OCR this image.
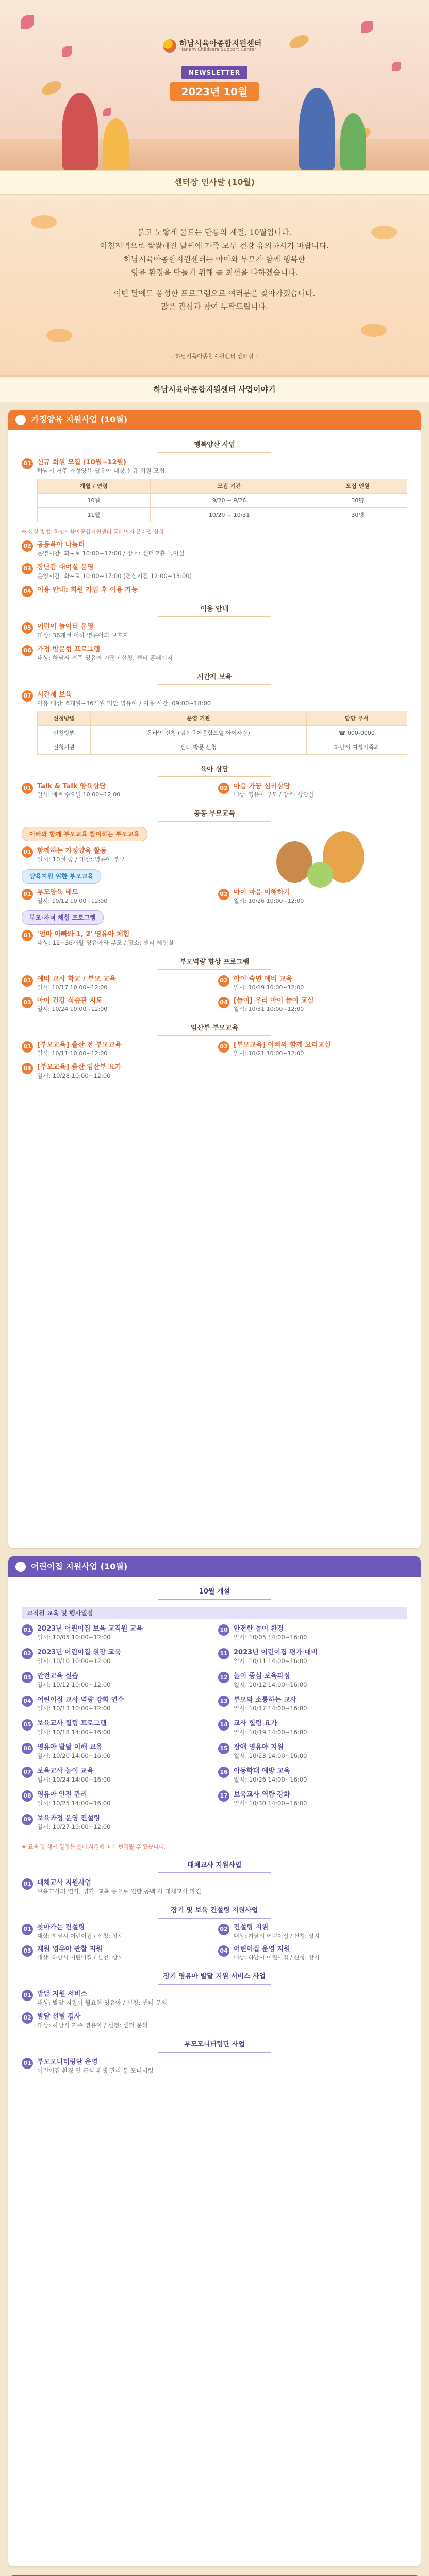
하남시육아종합지원센터
Hanam Childcare Support Center
NEWSLETTER
2023년 10월
센터장 인사말 (10월)
붉고 노랗게 물드는 단풍의 계절, 10월입니다.
아침저녁으로 쌀쌀해진 날씨에 가족 모두 건강 유의하시기 바랍니다.
하남시육아종합지원센터는 아이와 부모가 함께 행복한
양육 환경을 만들기 위해 늘 최선을 다하겠습니다.
이번 달에도 풍성한 프로그램으로 여러분을 찾아가겠습니다.
많은 관심과 참여 부탁드립니다.
- 하남시육아종합지원센터 센터장 -
하남시육아종합지원센터 사업이야기
가정양육 지원사업 (10월)
행복양산 사업
01 신규 회원 모집 (10월~12월)
하남시 거주 가정양육 영유아 대상 신규 회원 모집
개월 / 연령	모집 기간	모집 인원
10월	9/20 ~ 9/26	30명
11월	10/20 ~ 10/31	30명
※ 신청 방법: 하남시육아종합지원센터 홈페이지 온라인 신청
02 공동육아 나눔터
운영시간: 화~토 10:00~17:00 / 장소: 센터 2층 놀이실
03 장난감 대여실 운영
운영시간: 화~토 10:00~17:00 (점심시간 12:00~13:00)
04 이용 안내: 회원 가입 후 이용 가능
이용 안내
05 어린이 놀이터 운영
대상: 36개월 이하 영유아와 보호자
06 가정 방문형 프로그램
대상: 하남시 거주 영유아 가정 / 신청: 센터 홈페이지
시간제 보육
07 시간제 보육
이용 대상: 6개월~36개월 미만 영유아 / 이용 시간: 09:00~18:00
신청방법	운영 기관	담당 부서
신청방법	온라인 신청 (임신육아종합포털 아이사랑)	☎ 000-0000
신청기관	센터 방문 신청	하남시 여성가족과
육아 상담
01 Talk & Talk 양육상담
일시: 매주 수요일 10:00~12:00
02 마음 가꿈 심리상담
대상: 영유아 부모 / 장소: 상담실
공동 부모교육
아빠와 함께 부모교육 참여하는 부모교육
01 함께하는 가정양육 활동
일시: 10월 중 / 대상: 영유아 부모
양육지원 위한 부모교육
01 부모양육 태도
일시: 10/12 10:00~12:00
02 아이 마음 이해하기
일시: 10/26 10:00~12:00
부모·자녀 체험 프로그램
01 '엄마 아빠와 1, 2' 영유아 체험
대상: 12~36개월 영유아와 부모 / 장소: 센터 체험실
부모역량 향상 프로그램
01 예비 교사 학교 / 부모 교육
일시: 10/17 10:00~12:00
02 아이 숙면 예비 교육
일시: 10/19 10:00~12:00
03 아이 건강 식습관 지도
일시: 10/24 10:00~12:00
04 [놀이] 우리 아이 놀이 교실
일시: 10/31 10:00~12:00
임산부 부모교육
01 [부모교육] 출산 전 부모교육
일시: 10/11 10:00~12:00
02 [부모교육] 아빠와 함께 요리교실
일시: 10/21 10:00~12:00
03 [부모교육] 출산 임산부 요가
일시: 10/28 10:00~12:00
어린이집 지원사업 (10월)
10월 개설
교직원 교육 및 행사일정
01 2023년 어린이집 보육 교직원 교육
일시: 10/05 10:00~12:00
02 2023년 어린이집 원장 교육
일시: 10/10 10:00~12:00
03 안전교육 실습
일시: 10/12 10:00~12:00
04 어린이집 교사 역량 강화 연수
일시: 10/13 10:00~12:00
05 보육교사 힐링 프로그램
일시: 10/18 14:00~16:00
06 영유아 발달 이해 교육
일시: 10/20 14:00~16:00
07 보육교사 놀이 교육
일시: 10/24 14:00~16:00
08 영유아 안전 관리
일시: 10/25 14:00~16:00
09 보육과정 운영 컨설팅
일시: 10/27 10:00~12:00
10 안전한 놀이 환경
일시: 10/05 14:00~16:00
11 2023년 어린이집 평가 대비
일시: 10/11 14:00~16:00
12 놀이 중심 보육과정
일시: 10/12 14:00~16:00
13 부모와 소통하는 교사
일시: 10/17 14:00~16:00
14 교사 힐링 요가
일시: 10/19 14:00~16:00
15 장애 영유아 지원
일시: 10/23 14:00~16:00
16 아동학대 예방 교육
일시: 10/26 14:00~16:00
17 보육교사 역량 강화
일시: 10/30 14:00~16:00
※ 교육 및 행사 일정은 센터 사정에 따라 변경될 수 있습니다.
대체교사 지원사업
01 대체교사 지원사업
보육교사의 연가, 병가, 교육 등으로 인한 공백 시 대체교사 파견
장기 및 보육 컨설팅 지원사업
01 찾아가는 컨설팅
대상: 하남시 어린이집 / 신청: 상시
02 컨설팅 지원
대상: 하남시 어린이집 / 신청: 상시
03 재원 영유아 관찰 지원
대상: 하남시 어린이집 / 신청: 상시
04 어린이집 운영 지원
대상: 하남시 어린이집 / 신청: 상시
장기 영유아 발달 지원 서비스 사업
01 발달 지원 서비스
대상: 발달 지원이 필요한 영유아 / 신청: 센터 문의
02 발달 선별 검사
대상: 하남시 거주 영유아 / 신청: 센터 문의
부모모니터링단 사업
01 부모모니터링단 운영
어린이집 환경 및 급식 위생 관리 등 모니터링
